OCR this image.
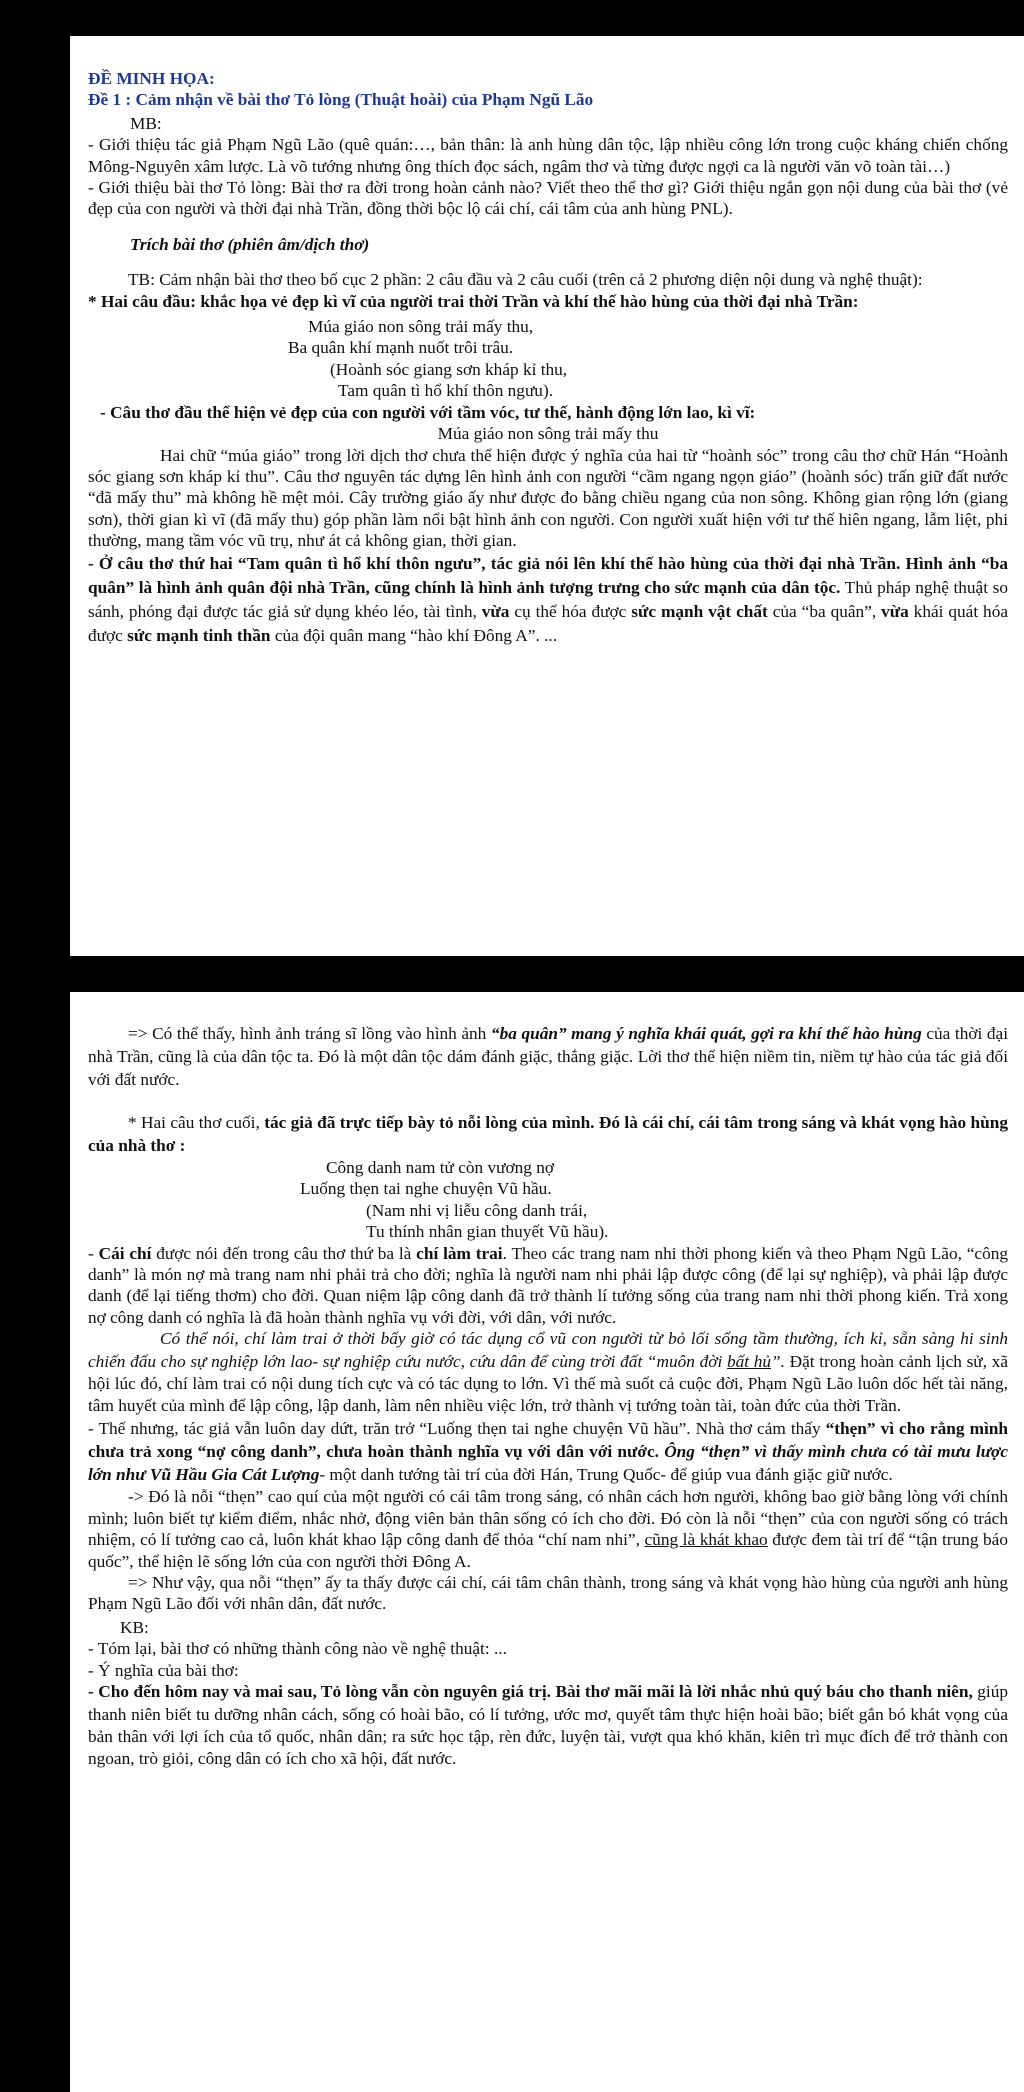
ĐỀ MINH HỌA:

Đề 1 : Cảm nhận về bài thơ Tỏ lòng (Thuật hoài) của Phạm Ngũ Lão

MB:

- Giới thiệu tác giả Phạm Ngũ Lão (quê quán:…, bản thân: là anh hùng dân tộc, lập nhiều công lớn trong cuộc kháng chiến chống Mông-Nguyên xâm lược. Là võ tướng nhưng ông thích đọc sách, ngâm thơ và từng được ngợi ca là người văn võ toàn tài…)

- Giới thiệu bài thơ Tỏ lòng: Bài thơ ra đời trong hoàn cảnh nào? Viết theo thể thơ gì? Giới thiệu ngắn gọn nội dung của bài thơ (vẻ đẹp của con người và thời đại nhà Trần, đồng thời bộc lộ cái chí, cái tâm của anh hùng PNL).

Trích bài thơ (phiên âm/dịch thơ)

TB: Cảm nhận bài thơ theo bố cục 2 phần: 2 câu đầu và 2 câu cuối (trên cả 2 phương diện nội dung và nghệ thuật):

* Hai câu đầu: khắc họa vẻ đẹp kì vĩ của người trai thời Trần và khí thế hào hùng của thời đại nhà Trần:

Múa giáo non sông trải mấy thu,

Ba quân khí mạnh nuốt trôi trâu.

(Hoành sóc giang sơn kháp kỉ thu,

Tam quân tì hổ khí thôn ngưu).

- Câu thơ đầu thể hiện vẻ đẹp của con người với tầm vóc, tư thế, hành động lớn lao, kì vĩ:

Múa giáo non sông trải mấy thu

Hai chữ “múa giáo” trong lời dịch thơ chưa thể hiện được ý nghĩa của hai từ “hoành sóc” trong câu thơ chữ Hán “Hoành sóc giang sơn kháp kỉ thu”. Câu thơ nguyên tác dựng lên hình ảnh con người “cầm ngang ngọn giáo” (hoành sóc) trấn giữ đất nước “đã mấy thu” mà không hề mệt mỏi. Cây trường giáo ấy như được đo bằng chiều ngang của non sông. Không gian rộng lớn (giang sơn), thời gian kì vĩ (đã mấy thu) góp phần làm nổi bật hình ảnh con người. Con người xuất hiện với tư thế hiên ngang, lẫm liệt, phi thường, mang tầm vóc vũ trụ, như át cả không gian, thời gian.

- Ở câu thơ thứ hai “Tam quân tì hổ khí thôn ngưu”, tác giả nói lên khí thế hào hùng của thời đại nhà Trần. Hình ảnh “ba quân” là hình ảnh quân đội nhà Trần, cũng chính là hình ảnh tượng trưng cho sức mạnh của dân tộc. Thủ pháp nghệ thuật so sánh, phóng đại được tác giả sử dụng khéo léo, tài tình, vừa cụ thể hóa được sức mạnh vật chất của “ba quân”, vừa khái quát hóa được sức mạnh tinh thần của đội quân mang “hào khí Đông A”. ...

=> Có thể thấy, hình ảnh tráng sĩ lồng vào hình ảnh “ba quân” mang ý nghĩa khái quát, gợi ra khí thế hào hùng của thời đại nhà Trần, cũng là của dân tộc ta. Đó là một dân tộc dám đánh giặc, thắng giặc. Lời thơ thể hiện niềm tin, niềm tự hào của tác giả đối với đất nước.

* Hai câu thơ cuối, tác giả đã trực tiếp bày tỏ nỗi lòng của mình. Đó là cái chí, cái tâm trong sáng và khát vọng hào hùng của nhà thơ :

Công danh nam tử còn vương nợ

Luống thẹn tai nghe chuyện Vũ hầu.

(Nam nhi vị liễu công danh trái,

Tu thính nhân gian thuyết Vũ hầu).

- Cái chí được nói đến trong câu thơ thứ ba là chí làm trai. Theo các trang nam nhi thời phong kiến và theo Phạm Ngũ Lão, “công danh” là món nợ mà trang nam nhi phải trả cho đời; nghĩa là người nam nhi phải lập được công (để lại sự nghiệp), và phải lập được danh (để lại tiếng thơm) cho đời. Quan niệm lập công danh đã trở thành lí tưởng sống của trang nam nhi thời phong kiến. Trả xong nợ công danh có nghĩa là đã hoàn thành nghĩa vụ với đời, với dân, với nước.

Có thể nói, chí làm trai ở thời bấy giờ có tác dụng cổ vũ con người từ bỏ lối sống tầm thường, ích kỉ, sẵn sàng hi sinh chiến đấu cho sự nghiệp lớn lao- sự nghiệp cứu nước, cứu dân để cùng trời đất “muôn đời bất hủ”. Đặt trong hoàn cảnh lịch sử, xã hội lúc đó, chí làm trai có nội dung tích cực và có tác dụng to lớn. Vì thế mà suốt cả cuộc đời, Phạm Ngũ Lão luôn dốc hết tài năng, tâm huyết của mình để lập công, lập danh, làm nên nhiều việc lớn, trở thành vị tướng toàn tài, toàn đức của thời Trần.

- Thế nhưng, tác giả vẫn luôn day dứt, trăn trở “Luống thẹn tai nghe chuyện Vũ hầu”. Nhà thơ cảm thấy “thẹn” vì cho rằng mình chưa trả xong “nợ công danh”, chưa hoàn thành nghĩa vụ với dân với nước. Ông “thẹn” vì thấy mình chưa có tài mưu lược lớn như Vũ Hầu Gia Cát Lượng- một danh tướng tài trí của đời Hán, Trung Quốc- để giúp vua đánh giặc giữ nước.

-> Đó là nỗi “thẹn” cao quí của một người có cái tâm trong sáng, có nhân cách hơn người, không bao giờ bằng lòng với chính mình; luôn biết tự kiểm điểm, nhắc nhở, động viên bản thân sống có ích cho đời. Đó còn là nỗi “thẹn” của con người sống có trách nhiệm, có lí tưởng cao cả, luôn khát khao lập công danh để thỏa “chí nam nhi”, cũng là khát khao được đem tài trí để “tận trung báo quốc”, thể hiện lẽ sống lớn của con người thời Đông A.

=> Như vậy, qua nỗi “thẹn” ấy ta thấy được cái chí, cái tâm chân thành, trong sáng và khát vọng hào hùng của người anh hùng Phạm Ngũ Lão đối với nhân dân, đất nước.

KB:

- Tóm lại, bài thơ có những thành công nào về nghệ thuật: ...

- Ý nghĩa của bài thơ:

- Cho đến hôm nay và mai sau, Tỏ lòng vẫn còn nguyên giá trị. Bài thơ mãi mãi là lời nhắc nhủ quý báu cho thanh niên, giúp thanh niên biết tu dưỡng nhân cách, sống có hoài bão, có lí tưởng, ước mơ, quyết tâm thực hiện hoài bão; biết gắn bó khát vọng của bản thân với lợi ích của tổ quốc, nhân dân; ra sức học tập, rèn đức, luyện tài, vượt qua khó khăn, kiên trì mục đích để trở thành con ngoan, trò giỏi, công dân có ích cho xã hội, đất nước.
